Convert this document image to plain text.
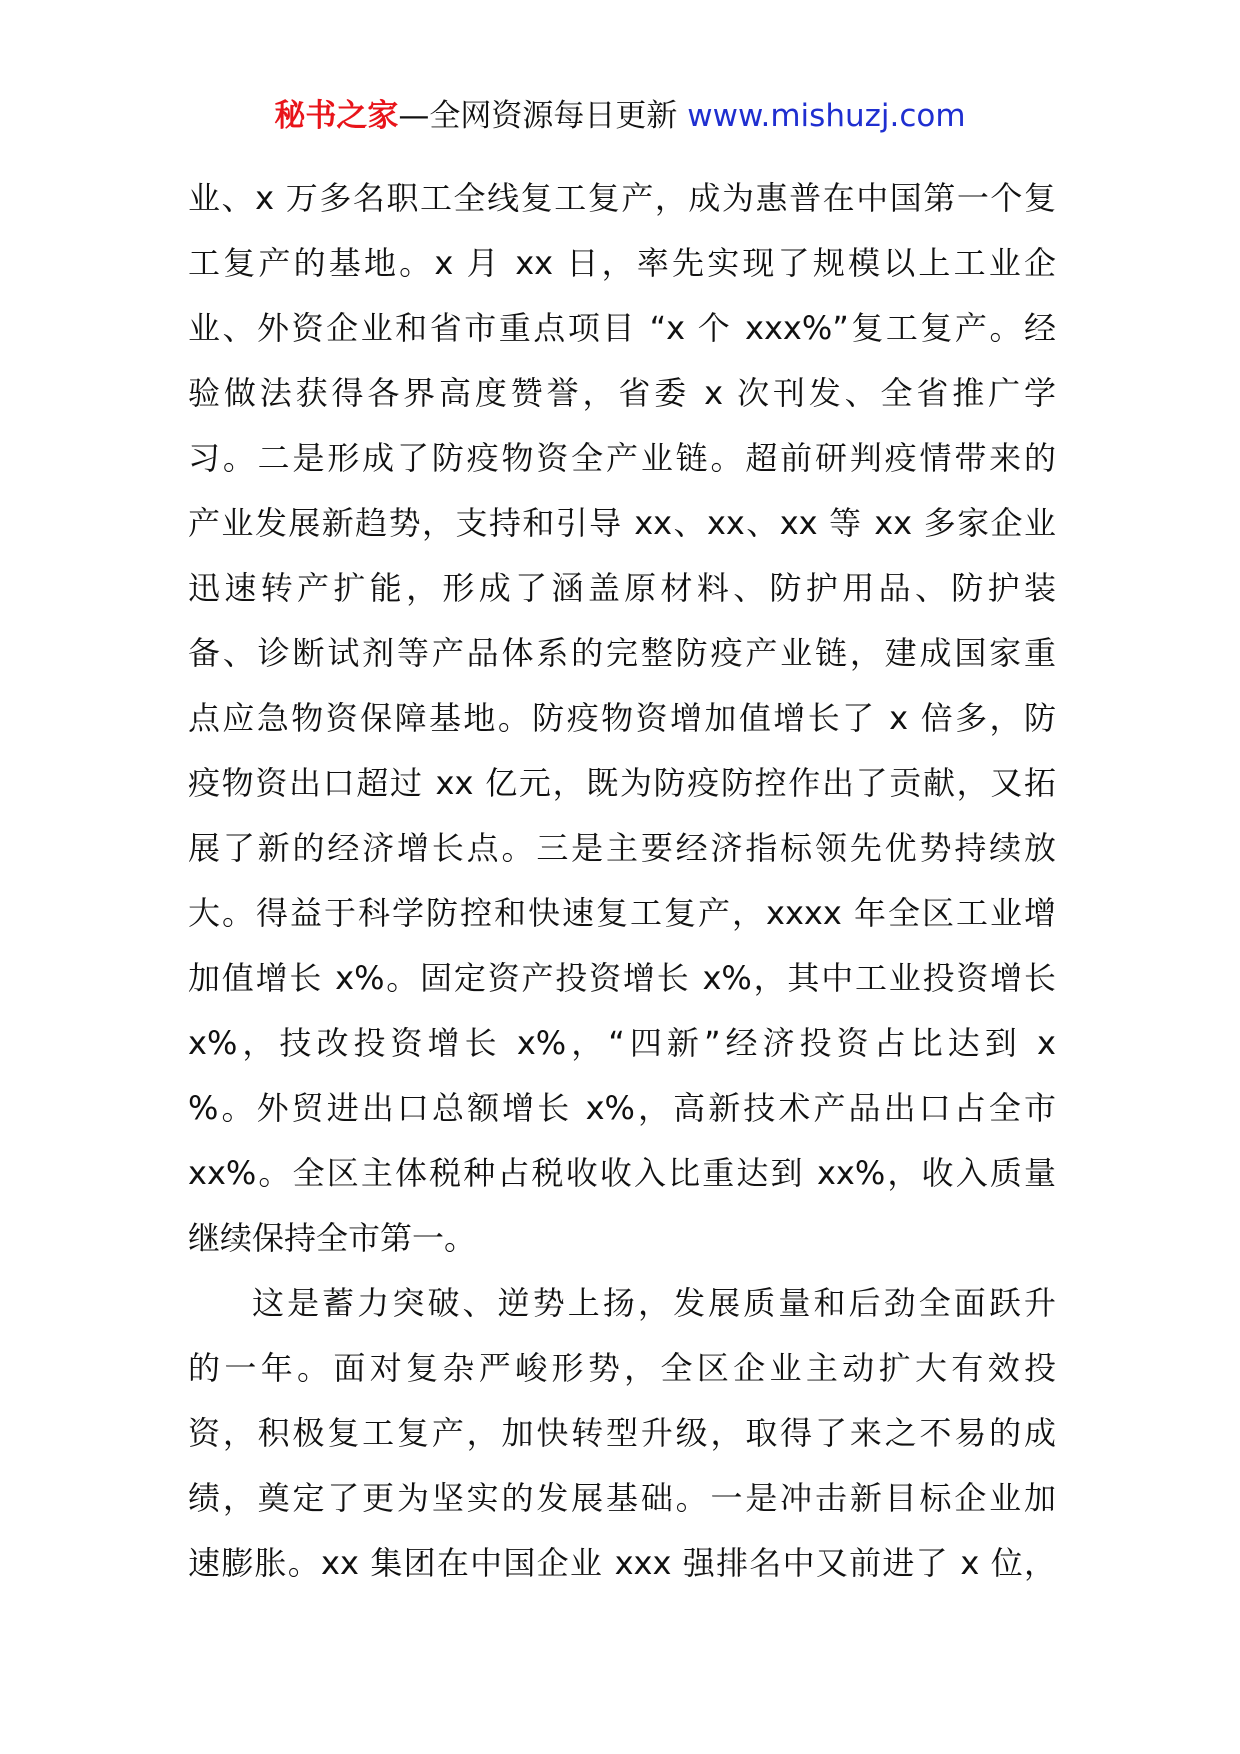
秘书之家—全网资源每日更新 www.mishuzj.com
业、x 万多名职工全线复工复产，成为惠普在中国第一个复
工复产的基地。x 月 xx 日，率先实现了规模以上工业企
业、外资企业和省市重点项目 “x 个 xxx%”复工复产。经
验做法获得各界高度赞誉，省委 x 次刊发、全省推广学
习。二是形成了防疫物资全产业链。超前研判疫情带来的
产业发展新趋势，支持和引导 xx、xx、xx 等 xx 多家企业
迅速转产扩能，形成了涵盖原材料、防护用品、防护装
备、诊断试剂等产品体系的完整防疫产业链，建成国家重
点应急物资保障基地。防疫物资增加值增长了 x 倍多，防
疫物资出口超过 xx 亿元，既为防疫防控作出了贡献，又拓
展了新的经济增长点。三是主要经济指标领先优势持续放
大。得益于科学防控和快速复工复产，xxxx 年全区工业增
加值增长 x%。固定资产投资增长 x%，其中工业投资增长
x%，技改投资增长 x%，“四新”经济投资占比达到 x
%。外贸进出口总额增长 x%，高新技术产品出口占全市
xx%。全区主体税种占税收收入比重达到 xx%，收入质量
继续保持全市第一。
这是蓄力突破、逆势上扬，发展质量和后劲全面跃升
的一年。面对复杂严峻形势，全区企业主动扩大有效投
资，积极复工复产，加快转型升级，取得了来之不易的成
绩，奠定了更为坚实的发展基础。一是冲击新目标企业加
速膨胀。xx 集团在中国企业 xxx 强排名中又前进了 x 位，
